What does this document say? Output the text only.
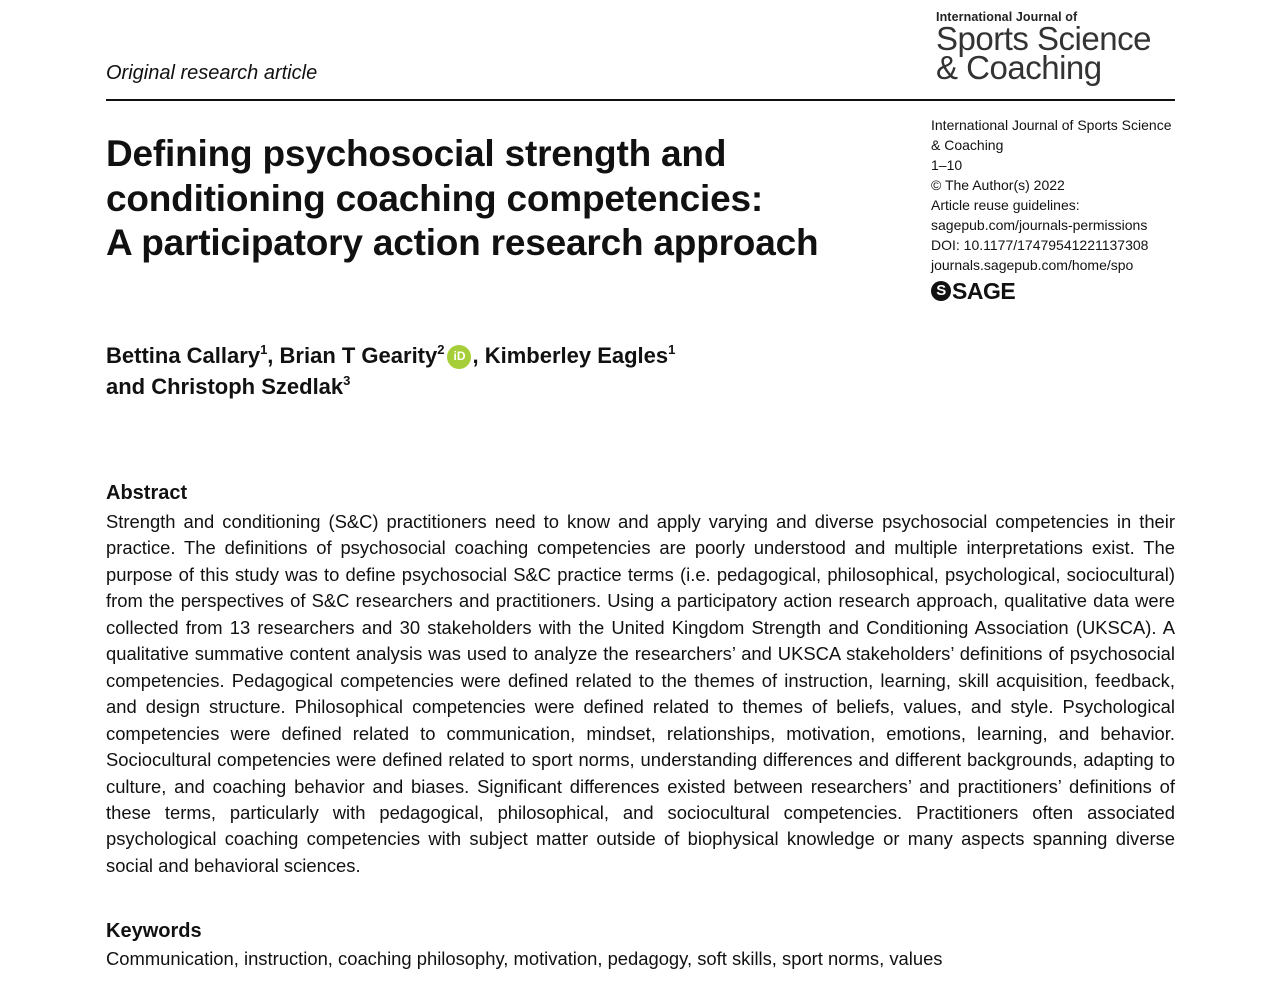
Original research article
International Journal of
Sports Science
& Coaching
Defining psychosocial strength and
conditioning coaching competencies:
A participatory action research approach
International Journal of Sports Science
& Coaching
1–10
© The Author(s) 2022
Article reuse guidelines:
sagepub.com/journals-permissions
DOI: 10.1177/17479541221137308
journals.sagepub.com/home/spo
S SAGE
Bettina Callary$^1$, Brian T Gearity$^2$ iD , Kimberley Eagles$^1$
and Christoph Szedlak$^3$
Abstract
Strength and conditioning (S&C) practitioners need to know and apply varying and diverse psychosocial competencies in their practice. The definitions of psychosocial coaching competencies are poorly understood and multiple interpretations exist. The purpose of this study was to define psychosocial S&C practice terms (i.e. pedagogical, philosophical, psychological, sociocultural) from the perspectives of S&C researchers and practitioners. Using a participatory action research approach, qualitative data were collected from 13 researchers and 30 stakeholders with the United Kingdom Strength and Conditioning Association (UKSCA). A qualitative summative content analysis was used to analyze the researchers’ and UKSCA stakeholders’ definitions of psychosocial competencies. Pedagogical competencies were defined related to the themes of instruction, learning, skill acquisition, feedback, and design structure. Philosophical competencies were defined related to themes of beliefs, values, and style. Psychological competencies were defined related to communication, mindset, relationships, motivation, emotions, learning, and behavior. Sociocultural competencies were defined related to sport norms, understanding differences and different backgrounds, adapting to culture, and coaching behavior and biases. Significant differences existed between researchers’ and practitioners’ definitions of these terms, particularly with pedagogical, philosophical, and sociocultural competencies. Practitioners often associated psychological coaching competencies with subject matter outside of biophysical knowledge or many aspects spanning diverse social and behavioral sciences.
Keywords
Communication, instruction, coaching philosophy, motivation, pedagogy, soft skills, sport norms, values
